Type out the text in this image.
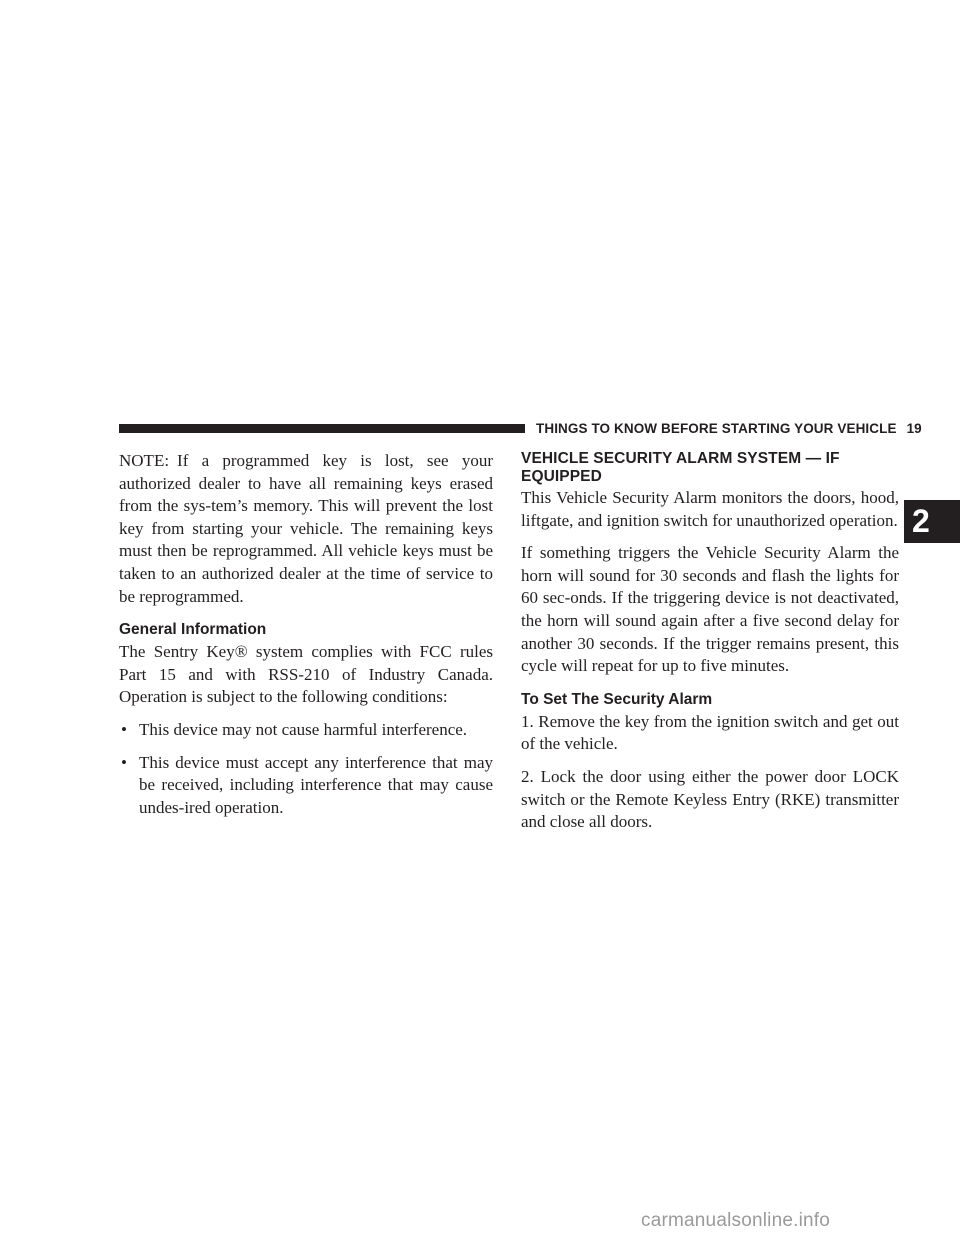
THINGS TO KNOW BEFORE STARTING YOUR VEHICLE 19
2

NOTE: If a programmed key is lost, see your authorized dealer to have all remaining keys erased from the sys-tem’s memory. This will prevent the lost key from starting your vehicle. The remaining keys must then be reprogrammed. All vehicle keys must be taken to an authorized dealer at the time of service to be reprogrammed.

General Information

The Sentry Key® system complies with FCC rules Part 15 and with RSS-210 of Industry Canada. Operation is subject to the following conditions:

• This device may not cause harmful interference.
• This device must accept any interference that may be received, including interference that may cause undes-ired operation.
VEHICLE SECURITY ALARM SYSTEM — IF EQUIPPED

This Vehicle Security Alarm monitors the doors, hood, liftgate, and ignition switch for unauthorized operation.

If something triggers the Vehicle Security Alarm the horn will sound for 30 seconds and flash the lights for 60 sec-onds. If the triggering device is not deactivated, the horn will sound again after a five second delay for another 30 seconds. If the trigger remains present, this cycle will repeat for up to five minutes.

To Set The Security Alarm

1. Remove the key from the ignition switch and get out of the vehicle.

2. Lock the door using either the power door LOCK switch or the Remote Keyless Entry (RKE) transmitter and close all doors.

carmanualsonline.info
